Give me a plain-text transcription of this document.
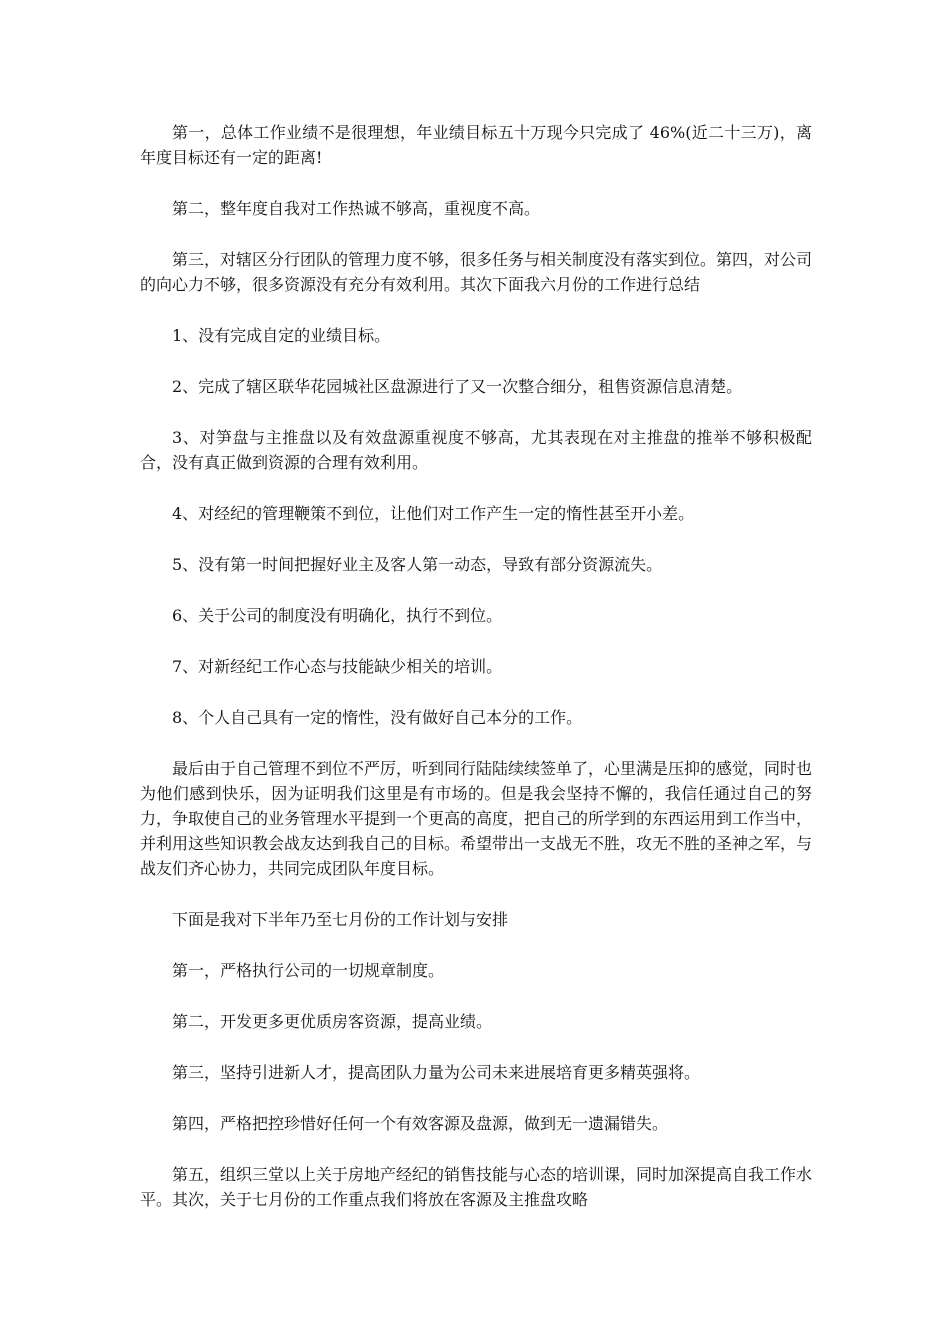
第一，总体工作业绩不是很理想，年业绩目标五十万现今只完成了 46%(近二十三万)，离年度目标还有一定的距离!

第二，整年度自我对工作热诚不够高，重视度不高。

第三，对辖区分行团队的管理力度不够，很多任务与相关制度没有落实到位。第四，对公司的向心力不够，很多资源没有充分有效利用。其次下面我六月份的工作进行总结

1、没有完成自定的业绩目标。

2、完成了辖区联华花园城社区盘源进行了又一次整合细分，租售资源信息清楚。

3、对笋盘与主推盘以及有效盘源重视度不够高，尤其表现在对主推盘的推举不够积极配合，没有真正做到资源的合理有效利用。

4、对经纪的管理鞭策不到位，让他们对工作产生一定的惰性甚至开小差。

5、没有第一时间把握好业主及客人第一动态，导致有部分资源流失。

6、关于公司的制度没有明确化，执行不到位。

7、对新经纪工作心态与技能缺少相关的培训。

8、个人自己具有一定的惰性，没有做好自己本分的工作。

最后由于自己管理不到位不严厉，听到同行陆陆续续签单了，心里满是压抑的感觉，同时也为他们感到快乐，因为证明我们这里是有市场的。但是我会坚持不懈的，我信任通过自己的努力，争取使自己的业务管理水平提到一个更高的高度，把自己的所学到的东西运用到工作当中，并利用这些知识教会战友达到我自己的目标。希望带出一支战无不胜，攻无不胜的圣神之军，与战友们齐心协力，共同完成团队年度目标。

下面是我对下半年乃至七月份的工作计划与安排

第一，严格执行公司的一切规章制度。

第二，开发更多更优质房客资源，提高业绩。

第三，坚持引进新人才，提高团队力量为公司未来进展培育更多精英强将。

第四，严格把控珍惜好任何一个有效客源及盘源，做到无一遗漏错失。

第五，组织三堂以上关于房地产经纪的销售技能与心态的培训课，同时加深提高自我工作水平。其次，关于七月份的工作重点我们将放在客源及主推盘攻略
